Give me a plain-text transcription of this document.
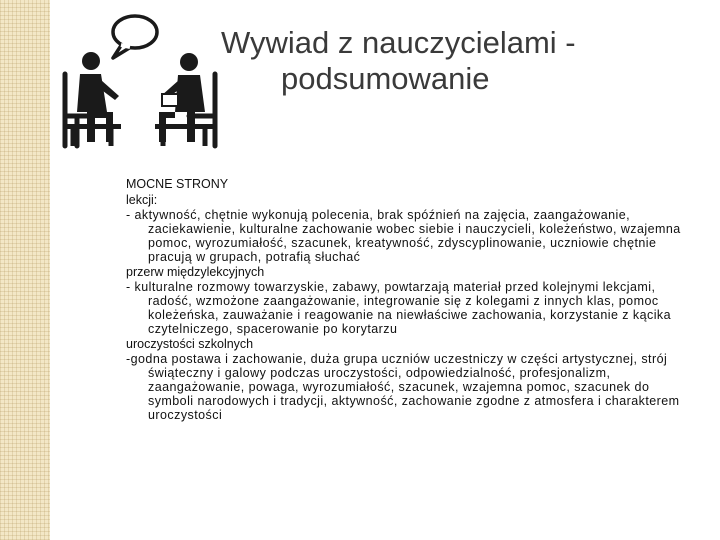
Wywiad z nauczycielami -
podsumowanie

MOCNE STRONY

lekcji:

- aktywność, chętnie wykonują polecenia, brak spóźnień na zajęcia, zaangażowanie, zaciekawienie, kulturalne zachowanie wobec siebie i nauczycieli, koleżeństwo, wzajemna pomoc, wyrozumiałość, szacunek, kreatywność, zdyscyplinowanie, uczniowie chętnie pracują w grupach, potrafią słuchać

przerw międzylekcyjnych

- kulturalne rozmowy towarzyskie, zabawy, powtarzają materiał przed kolejnymi lekcjami, radość, wzmożone zaangażowanie, integrowanie się z kolegami z innych klas, pomoc koleżeńska, zauważanie i reagowanie na niewłaściwe zachowania, korzystanie z kącika czytelniczego, spacerowanie po korytarzu

uroczystości szkolnych

-godna postawa i zachowanie, duża grupa uczniów uczestniczy w części artystycznej, strój świąteczny i galowy podczas uroczystości, odpowiedzialność, profesjonalizm, zaangażowanie, powaga, wyrozumiałość, szacunek, wzajemna pomoc, szacunek do symboli narodowych i tradycji, aktywność, zachowanie zgodne z atmosfera i charakterem uroczystości
